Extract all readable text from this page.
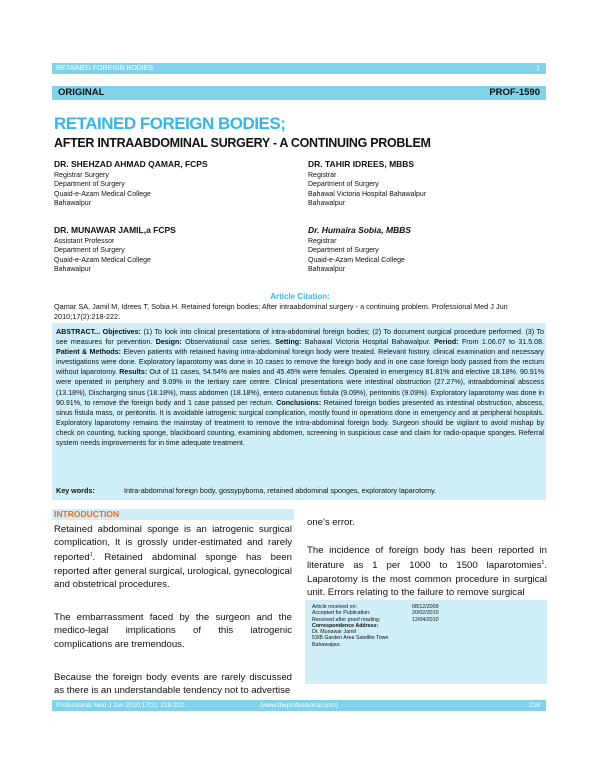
RETAINED FOREIGN BODIES	1
ORIGINAL	PROF-1590
RETAINED FOREIGN BODIES;
AFTER INTRAABDOMINAL SURGERY - A CONTINUING PROBLEM
DR. SHEHZAD AHMAD QAMAR, FCPS
Registrar Surgery
Department of Surgery
Quaid-e-Azam Medical College
Bahawalpur
DR. TAHIR IDREES, MBBS
Registrar
Department of Surgery
Bahawal Victoria Hospital Bahawalpur
Bahawalpur
DR. MUNAWAR JAMIL,a FCPS
Assistant Professor
Department of Surgery
Quaid-e-Azam Medical College
Bahawalpur
Dr. Humaira Sobia, MBBS
Registrar
Department of Surgery
Quaid-e-Azam Medical College
Bahawalpur
Article Citation:
Qamar SA, Jamil M, Idrees T, Sobia H. Retained foreign bodies; After intraabdominal surgery - a continuing problem. Professional Med J Jun 2010;17(2):218-222.
ABSTRACT... Objectives: (1) To look into clinical presentations of intra-abdominal foreign bodies; (2) To document surgical procedure performed. (3) To see measures for prevention. Design: Observational case series. Setting: Bahawal Victoria Hospital Bahawalpur. Period: From 1.06.07 to 31.5.08. Patient & Methods: Eleven patients with retained having intra-abdominal foreign body were treated. Relevant history, clinical examination and necessary investigations were done. Exploratory laparotomy was done in 10 cases to remove the foreign body and in one case foreign body passed from the rectum without laparotomy. Results: Out of 11 cases, 54.54% are males and 45.45% were females. Operated in emergency 81.81% and elective 18.18%. 90.91% were operated in periphery and 9.09% in the tertiary care centre. Clinical presentations were intestinal obstruction (27.27%), intraabdominal abscess (13.18%), Discharging sinus (18.18%), mass abdomen (18.18%), entero cutaneous fistula (9.09%), peritonitis (9.09%). Exploratory laparotomy was done in 90.91%, to remove the foreign body and 1 case passed per rectum. Conclusions: Retained foreign bodies presented as intestinal obstruction, abscess, sinus fistula mass, or peritonitis. It is avoidable iatrogenic surgical complication, mostly found in operations done in emergency and at peripheral hospitals. Exploratory laparotomy remains the mainstay of treatment to remove the intra-abdominal foreign body. Surgeon should be vigilant to avoid mishap by check on counting, tucking sponge, blackboard counting, examining abdomen, screening in suspicious case and claim for radio-opaque sponges. Referral system needs improvements for in time adequate treatment.
Key words:	Intra-abdominal foreign body, gossypyboma, retained abdominal sponges, exploratory laparotomy.
INTRODUCTION

Retained abdominal sponge is an iatrogenic surgical complication, It is grossly under-estimated and rarely reported$^1$. Retained abdominal sponge has been reported after general surgical, urological, gynecological and obstetrical procedures.

The embarrassment faced by the surgeon and the medico-legal implications of this iatrogenic complications are tremendous.

Because the foreign body events are rarely discussed as there is an understandable tendency not to advertise

one's error.

The incidence of foreign body has been reported in literature as 1 per 1000 to 1500 laparotomies$^1$. Laparotomy is the most common procedure in surgical unit. Errors relating to the failure to remove surgical

Article received on:	08/12/2009
Accepted for Publication:	20/02/2010
Received after proof reading:	12/04/2010
Correspondence Address:
Dr. Munawar Jamil
53/B Garden Area Satellite Town
Bahawalpur.
Professional Med J Jun 2010;17(2): 218-222.	(www.theprofessional.com)	218
